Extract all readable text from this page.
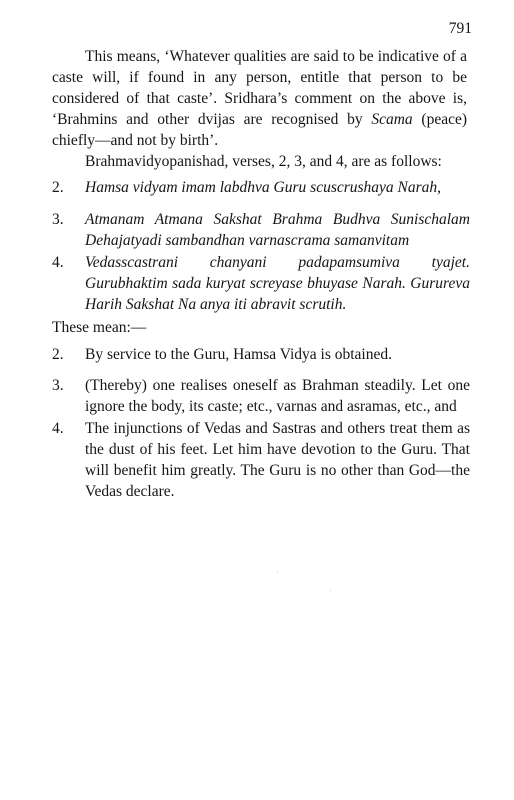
791

This means, ‘Whatever qualities are said to be indicative of a caste will, if found in any person, entitle that person to be considered of that caste’. Sridhara’s comment on the above is, ‘Brahmins and other dvijas are recognised by Scama (peace) chiefly—and not by birth’.

Brahmavidyopanishad, verses, 2, 3, and 4, are as follows:

2. Hamsa vidyam imam labdhva Guru scuscrushaya Narah,
3. Atmanam Atmana Sakshat Brahma Budhva Sunischalam Dehajatyadi sambandhan varnascrama samanvitam
4. Vedasscastrani chanyani padapamsumiva tyajet. Gurubhaktim sada kuryat screyase bhuyase Narah. Gurureva Harih Sakshat Na anya iti abravit scrutih.

These mean:—

2. By service to the Guru, Hamsa Vidya is obtained.
3. (Thereby) one realises oneself as Brahman steadily. Let one ignore the body, its caste; etc., varnas and asramas, etc., and
4. The injunctions of Vedas and Sastras and others treat them as the dust of his feet. Let him have devotion to the Guru. That will benefit him greatly. The Guru is no other than God—the Vedas declare.
